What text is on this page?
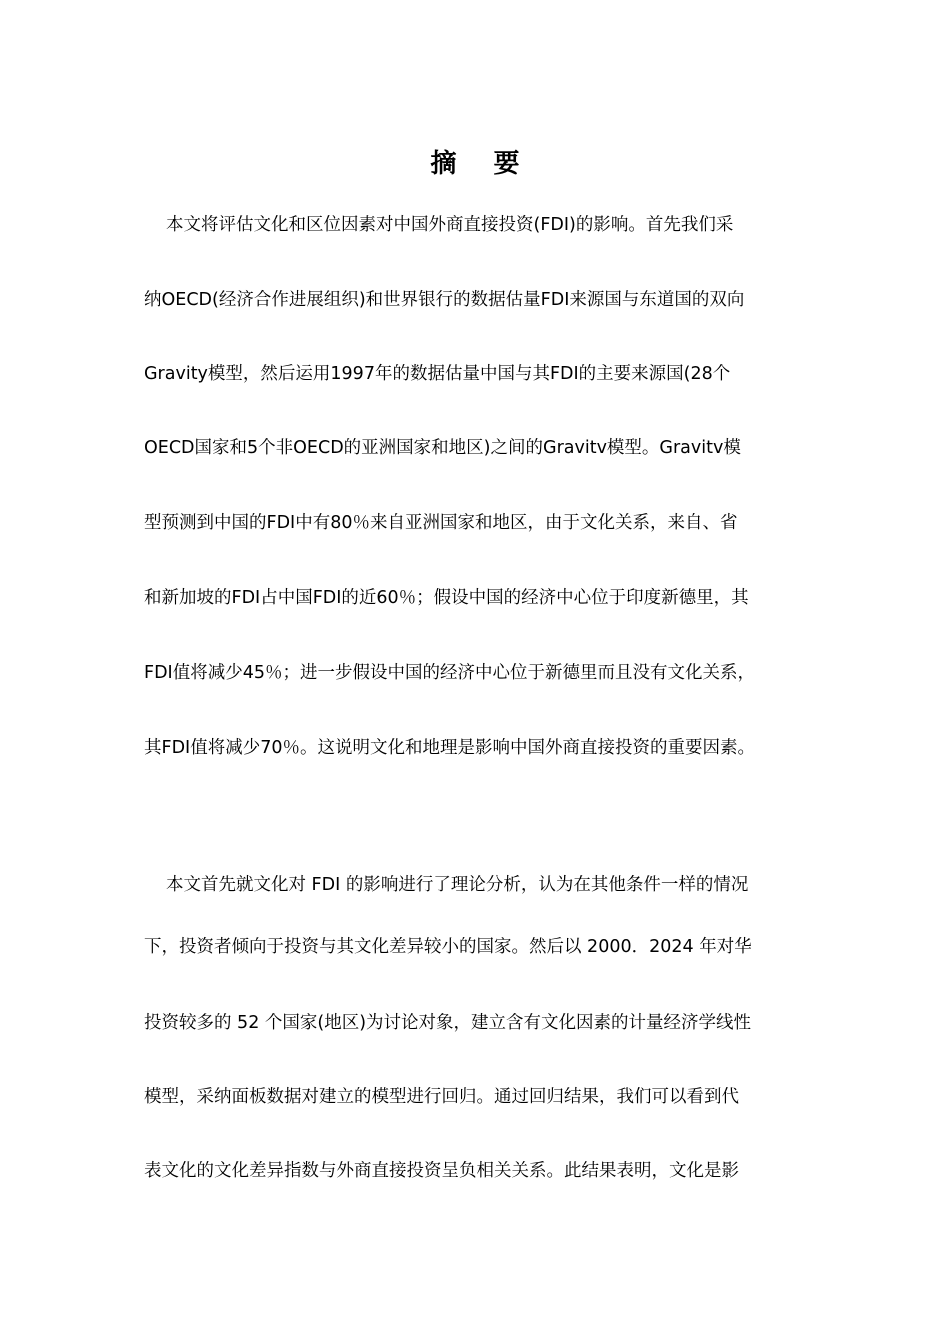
摘 要
本文将评估文化和区位因素对中国外商直接投资(FDI)的影响。首先我们采
纳OECD(经济合作进展组织)和世界银行的数据估量FDI来源国与东道国的双向
Gravity模型，然后运用1997年的数据估量中国与其FDI的主要来源国(28个
OECD国家和5个非OECD的亚洲国家和地区)之间的Gravitv模型。Gravitv模
型预测到中国的FDI中有80％来自亚洲国家和地区，由于文化关系，来自、省
和新加坡的FDI占中国FDI的近60％；假设中国的经济中心位于印度新德里，其
FDI值将减少45％；进一步假设中国的经济中心位于新德里而且没有文化关系，
其FDI值将减少70％。这说明文化和地理是影响中国外商直接投资的重要因素。
本文首先就文化对 FDI 的影响进行了理论分析，认为在其他条件一样的情况
下，投资者倾向于投资与其文化差异较小的国家。然后以 2000．2024 年对华
投资较多的 52 个国家(地区)为讨论对象，建立含有文化因素的计量经济学线性
模型，采纳面板数据对建立的模型进行回归。通过回归结果，我们可以看到代
表文化的文化差异指数与外商直接投资呈负相关关系。此结果表明，文化是影
